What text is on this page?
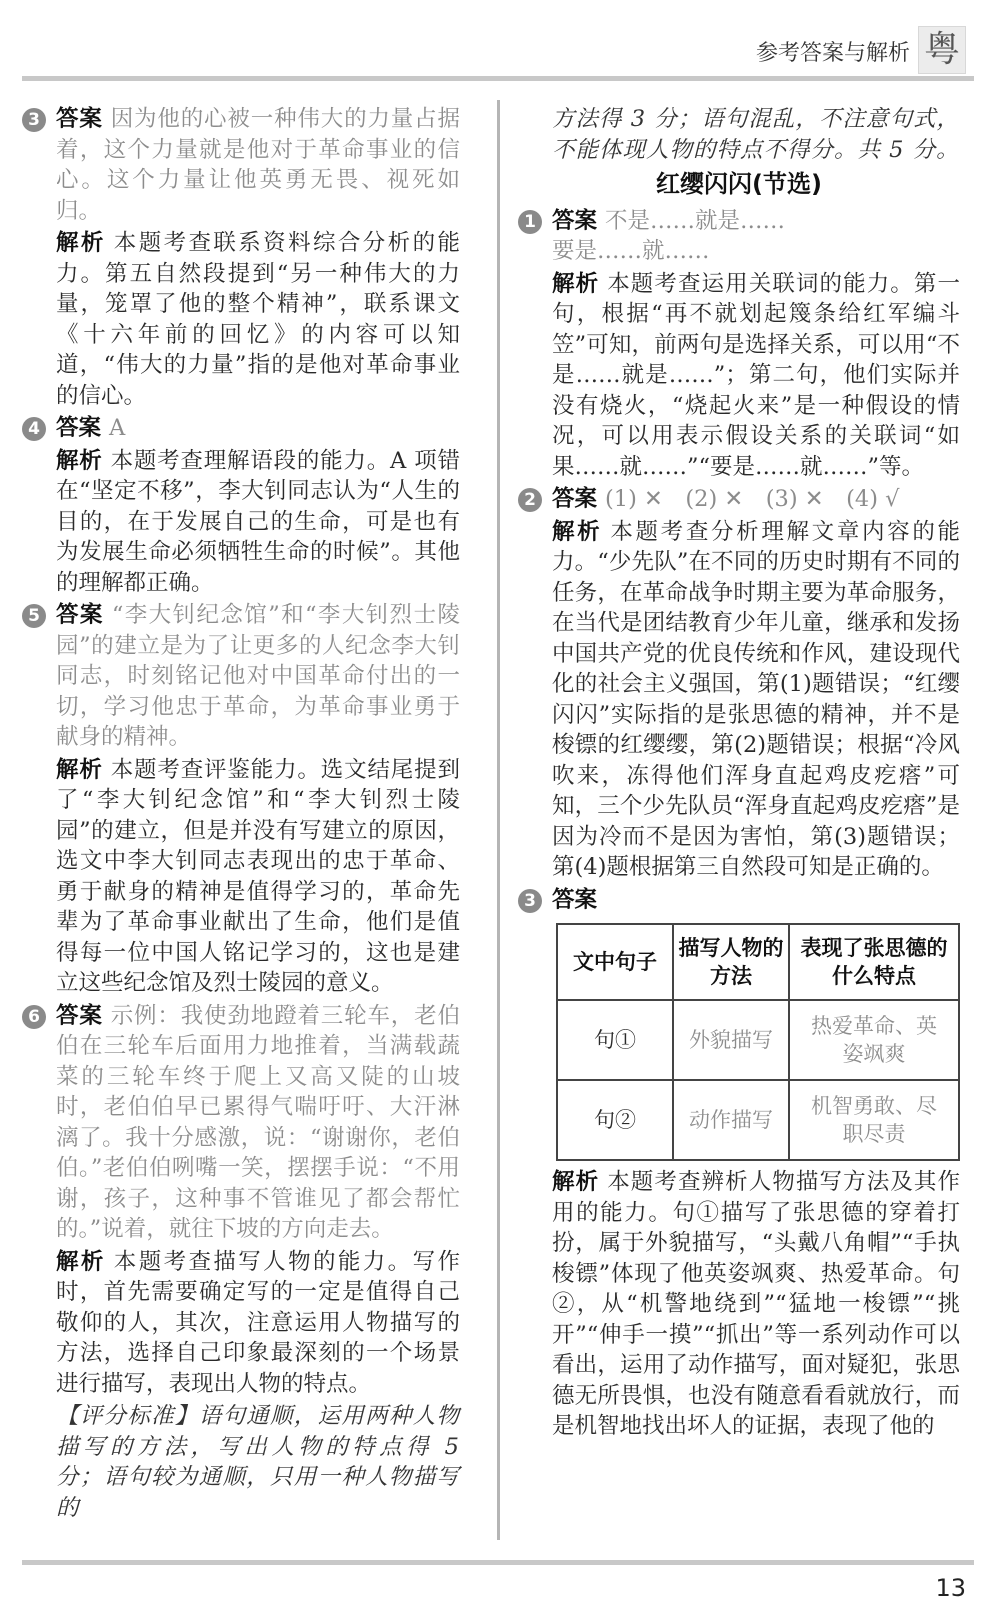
参考答案与解析 粤
3 答案 因为他的心被一种伟大的力量占据着，这个力量就是他对于革命事业的信心。这个力量让他英勇无畏、视死如归。

解析 本题考查联系资料综合分析的能力。第五自然段提到“另一种伟大的力量，笼罩了他的整个精神”，联系课文《十六年前的回忆》的内容可以知道，“伟大的力量”指的是他对革命事业的信心。

4 答案 A

解析 本题考查理解语段的能力。A 项错在“坚定不移”，李大钊同志认为“人生的目的，在于发展自己的生命，可是也有为发展生命必须牺牲生命的时候”。其他的理解都正确。

5 答案 “李大钊纪念馆”和“李大钊烈士陵园”的建立是为了让更多的人纪念李大钊同志，时刻铭记他对中国革命付出的一切，学习他忠于革命，为革命事业勇于献身的精神。

解析 本题考查评鉴能力。选文结尾提到了“李大钊纪念馆”和“李大钊烈士陵园”的建立，但是并没有写建立的原因，选文中李大钊同志表现出的忠于革命、勇于献身的精神是值得学习的，革命先辈为了革命事业献出了生命，他们是值得每一位中国人铭记学习的，这也是建立这些纪念馆及烈士陵园的意义。

6 答案 示例：我使劲地蹬着三轮车，老伯伯在三轮车后面用力地推着，当满载蔬菜的三轮车终于爬上又高又陡的山坡时，老伯伯早已累得气喘吁吁、大汗淋漓了。我十分感激，说：“谢谢你，老伯伯。”老伯伯咧嘴一笑，摆摆手说：“不用谢，孩子，这种事不管谁见了都会帮忙的。”说着，就往下坡的方向走去。

解析 本题考查描写人物的能力。写作时，首先需要确定写的一定是值得自己敬仰的人，其次，注意运用人物描写的方法，选择自己印象最深刻的一个场景进行描写，表现出人物的特点。

【评分标准】语句通顺，运用两种人物描写的方法，写出人物的特点得 5 分；语句较为通顺，只用一种人物描写的

方法得 3 分；语句混乱，不注意句式，不能体现人物的特点不得分。共 5 分。

红缨闪闪(节选)
1 答案 不是……就是……
要是……就……

解析 本题考查运用关联词的能力。第一句，根据“再不就划起篾条给红军编斗笠”可知，前两句是选择关系，可以用“不是……就是……”；第二句，他们实际并没有烧火，“烧起火来”是一种假设的情况，可以用表示假设关系的关联词“如果……就……”“要是……就……”等。

2 答案 (1) ✕　(2) ✕　(3) ✕　(4) √

解析 本题考查分析理解文章内容的能力。“少先队”在不同的历史时期有不同的任务，在革命战争时期主要为革命服务，在当代是团结教育少年儿童，继承和发扬中国共产党的优良传统和作风，建设现代化的社会主义强国，第(1)题错误；“红缨闪闪”实际指的是张思德的精神，并不是梭镖的红缨缨，第(2)题错误；根据“冷风吹来，冻得他们浑身直起鸡皮疙瘩”可知，三个少先队员“浑身直起鸡皮疙瘩”是因为冷而不是因为害怕，第(3)题错误；第(4)题根据第三自然段可知是正确的。

3 答案
文中句子	描写人物的方法	表现了张思德的什么特点
句①	外貌描写	热爱革命、英姿飒爽
句②	动作描写	机智勇敢、尽职尽责

解析 本题考查辨析人物描写方法及其作用的能力。句①描写了张思德的穿着打扮，属于外貌描写，“头戴八角帽”“手执梭镖”体现了他英姿飒爽、热爱革命。句②，从“机警地绕到”“猛地一梭镖”“挑开”“伸手一摸”“抓出”等一系列动作可以看出，运用了动作描写，面对疑犯，张思德无所畏惧，也没有随意看看就放行，而是机智地找出坏人的证据，表现了他的

13
